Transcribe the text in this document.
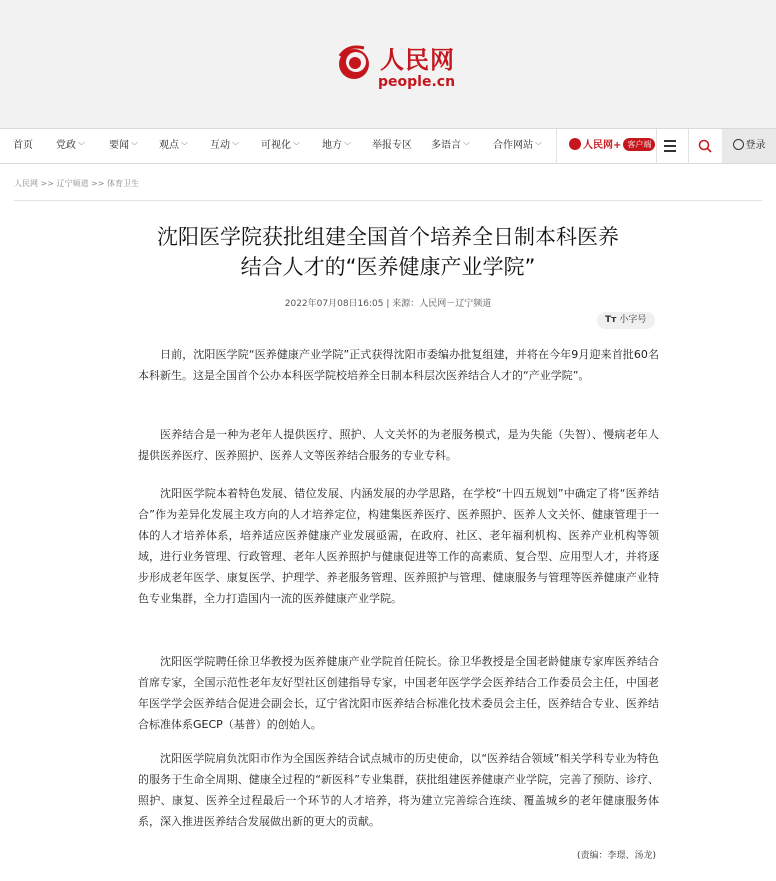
人民网
people.cn
首页 党政 ﹀ 要闻 ﹀ 观点 ﹀ 互动 ﹀ 可视化 ﹀ 地方 ﹀ 举报专区 多语言 ﹀ 合作网站 ﹀	人民网+ 客户端	登录
人民网 >> 辽宁频道 >> 体育卫生
沈阳医学院获批组建全国首个培养全日制本科医养
结合人才的“医养健康产业学院”
2022年07月08日16:05 | 来源：人民网－辽宁频道
Tт 小字号

日前，沈阳医学院“医养健康产业学院”正式获得沈阳市委编办批复组建，并将在今年9月迎来首批60名本科新生。这是全国首个公办本科医学院校培养全日制本科层次医养结合人才的“产业学院”。

医养结合是一种为老年人提供医疗、照护、人文关怀的为老服务模式，是为失能（失智）、慢病老年人提供医养医疗、医养照护、医养人文等医养结合服务的专业专科。

沈阳医学院本着特色发展、错位发展、内涵发展的办学思路，在学校“十四五规划”中确定了将“医养结合”作为差异化发展主攻方向的人才培养定位，构建集医养医疗、医养照护、医养人文关怀、健康管理于一体的人才培养体系，培养适应医养健康产业发展亟需，在政府、社区、老年福利机构、医养产业机构等领域，进行业务管理、行政管理、老年人医养照护与健康促进等工作的高素质、复合型、应用型人才，并将逐步形成老年医学、康复医学、护理学、养老服务管理、医养照护与管理、健康服务与管理等医养健康产业特色专业集群，全力打造国内一流的医养健康产业学院。

沈阳医学院聘任徐卫华教授为医养健康产业学院首任院长。徐卫华教授是全国老龄健康专家库医养结合首席专家，全国示范性老年友好型社区创建指导专家，中国老年医学学会医养结合工作委员会主任，中国老年医学学会医养结合促进会副会长，辽宁省沈阳市医养结合标准化技术委员会主任，医养结合专业、医养结合标准体系GECP（基普）的创始人。

沈阳医学院肩负沈阳市作为全国医养结合试点城市的历史使命，以“医养结合领域”相关学科专业为特色的服务于生命全周期、健康全过程的“新医科”专业集群，获批组建医养健康产业学院，完善了预防、诊疗、照护、康复、医养全过程最后一个环节的人才培养，将为建立完善综合连续、覆盖城乡的老年健康服务体系，深入推进医养结合发展做出新的更大的贡献。

(责编：李璟、汤龙)
